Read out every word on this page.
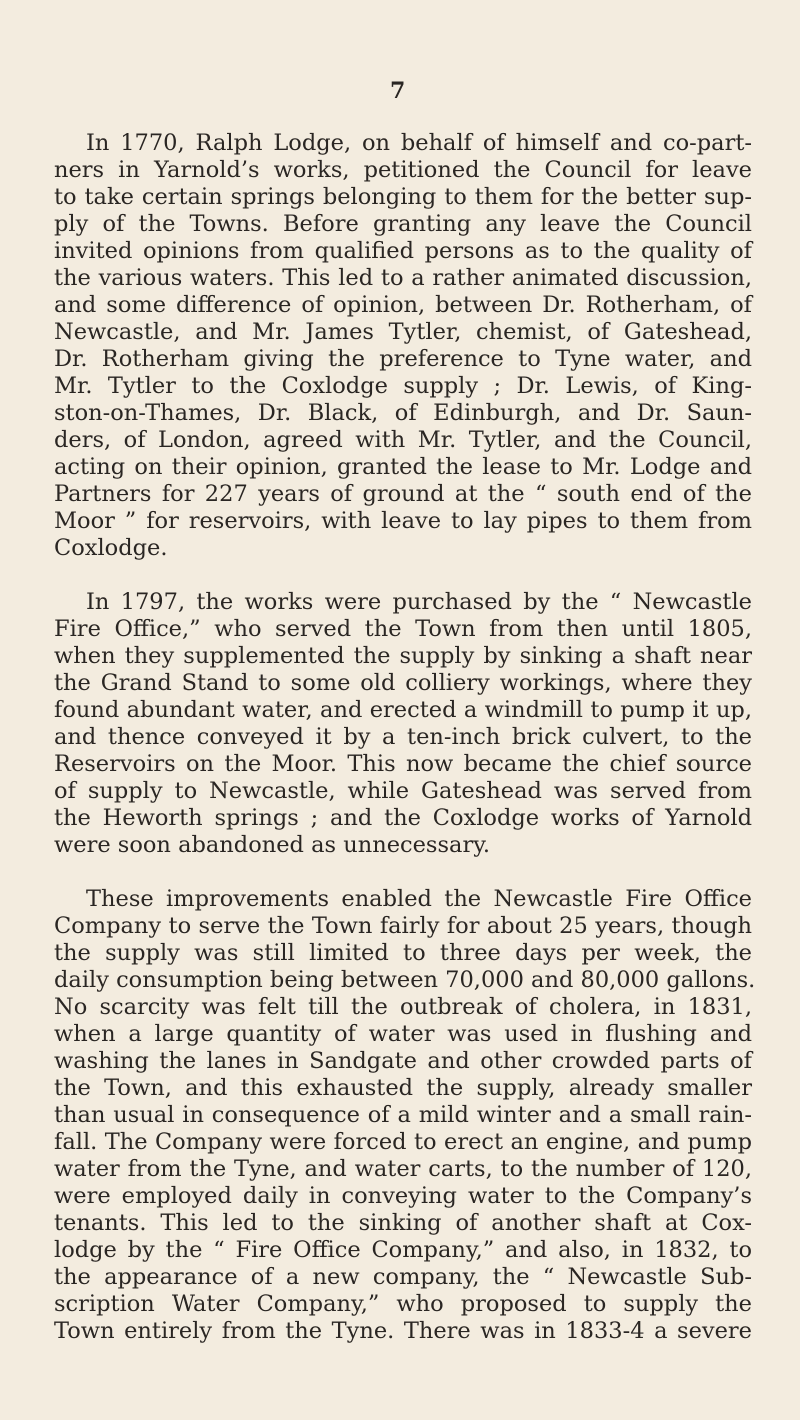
7
In 1770, Ralph Lodge, on behalf of himself and co-part-
ners in Yarnold’s works, petitioned the Council for leave
to take certain springs belonging to them for the better sup-
ply of the Towns. Before granting any leave the Council
invited opinions from qualified persons as to the quality of
the various waters. This led to a rather animated discussion,
and some difference of opinion, between Dr. Rotherham, of
Newcastle, and Mr. James Tytler, chemist, of Gateshead,
Dr. Rotherham giving the preference to Tyne water, and
Mr. Tytler to the Coxlodge supply ; Dr. Lewis, of King-
ston-on-Thames, Dr. Black, of Edinburgh, and Dr. Saun-
ders, of London, agreed with Mr. Tytler, and the Council,
acting on their opinion, granted the lease to Mr. Lodge and
Partners for 227 years of ground at the “ south end of the
Moor ” for reservoirs, with leave to lay pipes to them from
Coxlodge.
In 1797, the works were purchased by the “ Newcastle
Fire Office,” who served the Town from then until 1805,
when they supplemented the supply by sinking a shaft near
the Grand Stand to some old colliery workings, where they
found abundant water, and erected a windmill to pump it up,
and thence conveyed it by a ten-inch brick culvert, to the
Reservoirs on the Moor. This now became the chief source
of supply to Newcastle, while Gateshead was served from
the Heworth springs ; and the Coxlodge works of Yarnold
were soon abandoned as unnecessary.
These improvements enabled the Newcastle Fire Office
Company to serve the Town fairly for about 25 years, though
the supply was still limited to three days per week, the
daily consumption being between 70,000 and 80,000 gallons.
No scarcity was felt till the outbreak of cholera, in 1831,
when a large quantity of water was used in flushing and
washing the lanes in Sandgate and other crowded parts of
the Town, and this exhausted the supply, already smaller
than usual in consequence of a mild winter and a small rain-
fall. The Company were forced to erect an engine, and pump
water from the Tyne, and water carts, to the number of 120,
were employed daily in conveying water to the Company’s
tenants. This led to the sinking of another shaft at Cox-
lodge by the “ Fire Office Company,” and also, in 1832, to
the appearance of a new company, the “ Newcastle Sub-
scription Water Company,” who proposed to supply the
Town entirely from the Tyne. There was in 1833-4 a severe
